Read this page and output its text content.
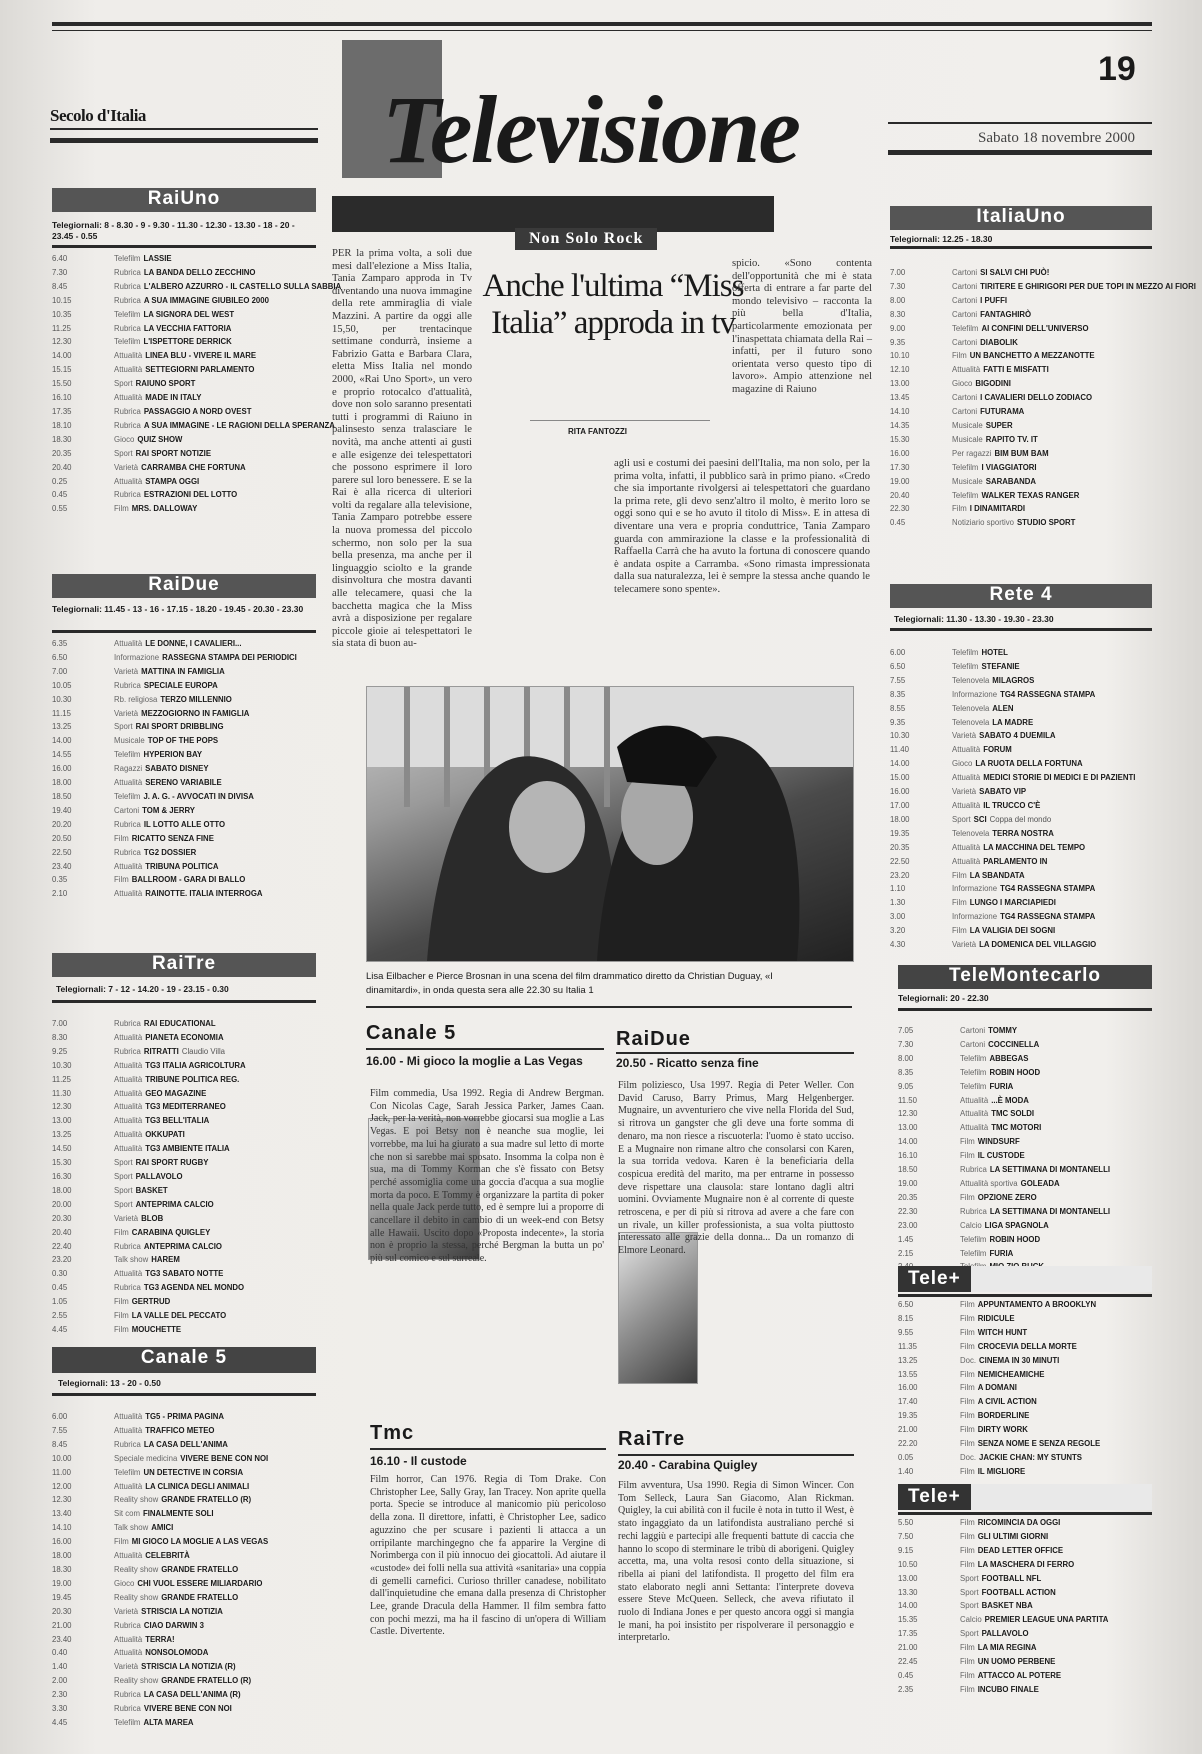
19
Secolo d'Italia Televisione	Sabato 18 novembre 2000
RaiUno
Telegiornali: 8 - 8.30 - 9 - 9.30 - 11.30 - 12.30 - 13.30 - 18 - 20 - 23.45 - 0.55
6.40	Telefilm LASSIE
7.30	Rubrica LA BANDA DELLO ZECCHINO
8.45	Rubrica L'ALBERO AZZURRO - IL CASTELLO SULLA SABBIA
10.15	Rubrica A SUA IMMAGINE GIUBILEO 2000
10.35	Telefilm LA SIGNORA DEL WEST
11.25	Rubrica LA VECCHIA FATTORIA
12.30	Telefilm L'ISPETTORE DERRICK
14.00	Attualità LINEA BLU - VIVERE IL MARE
15.15	Attualità SETTEGIORNI PARLAMENTO
15.50	Sport RAIUNO SPORT
16.10	Attualità MADE IN ITALY
17.35	Rubrica PASSAGGIO A NORD OVEST
18.10	Rubrica A SUA IMMAGINE - LE RAGIONI DELLA SPERANZA
18.30	Gioco QUIZ SHOW
20.35	Sport RAI SPORT NOTIZIE
20.40	Varietà CARRAMBA CHE FORTUNA
0.25	Attualità STAMPA OGGI
0.45	Rubrica ESTRAZIONI DEL LOTTO
0.55	Film MRS. DALLOWAY
RaiDue
Telegiornali: 11.45 - 13 - 16 - 17.15 - 18.20 - 19.45 - 20.30 - 23.30
6.35	Attualità LE DONNE, I CAVALIERI...
6.50	Informazione RASSEGNA STAMPA DEI PERIODICI
7.00	Varietà MATTINA IN FAMIGLIA
10.05	Rubrica SPECIALE EUROPA
10.30	Rb. religiosa TERZO MILLENNIO
11.15	Varietà MEZZOGIORNO IN FAMIGLIA
13.25	Sport RAI SPORT DRIBBLING
14.00	Musicale TOP OF THE POPS
14.55	Telefilm HYPERION BAY
16.00	Ragazzi SABATO DISNEY
18.00	Attualità SERENO VARIABILE
18.50	Telefilm J. A. G. - AVVOCATI IN DIVISA
19.40	Cartoni TOM & JERRY
20.20	Rubrica IL LOTTO ALLE OTTO
20.50	Film RICATTO SENZA FINE
22.50	Rubrica TG2 DOSSIER
23.40	Attualità TRIBUNA POLITICA
0.35	Film BALLROOM - GARA DI BALLO
2.10	Attualità RAINOTTE. ITALIA INTERROGA
RaiTre
Telegiornali: 7 - 12 - 14.20 - 19 - 23.15 - 0.30
7.00	Rubrica RAI EDUCATIONAL
8.30	Attualità PIANETA ECONOMIA
9.25	Rubrica RITRATTI Claudio Villa
10.30	Attualità TG3 ITALIA AGRICOLTURA
11.25	Attualità TRIBUNE POLITICA REG.
11.30	Attualità GEO MAGAZINE
12.30	Attualità TG3 MEDITERRANEO
13.00	Attualità TG3 BELL'ITALIA
13.25	Attualità OKKUPATI
14.50	Attualità TG3 AMBIENTE ITALIA
15.30	Sport RAI SPORT RUGBY
16.30	Sport PALLAVOLO
18.00	Sport BASKET
20.00	Sport ANTEPRIMA CALCIO
20.30	Varietà BLOB
20.40	Film CARABINA QUIGLEY
22.40	Rubrica ANTEPRIMA CALCIO
23.20	Talk show HAREM
0.30	Attualità TG3 SABATO NOTTE
0.45	Rubrica TG3 AGENDA NEL MONDO
1.05	Film GERTRUD
2.55	Film LA VALLE DEL PECCATO
4.45	Film MOUCHETTE
Canale 5
Telegiornali: 13 - 20 - 0.50
6.00	Attualità TG5 - PRIMA PAGINA
7.55	Attualità TRAFFICO METEO
8.45	Rubrica LA CASA DELL'ANIMA
10.00	Speciale medicina VIVERE BENE CON NOI
11.00	Telefilm UN DETECTIVE IN CORSIA
12.00	Attualità LA CLINICA DEGLI ANIMALI
12.30	Reality show GRANDE FRATELLO (R)
13.40	Sit com FINALMENTE SOLI
14.10	Talk show AMICI
16.00	Film MI GIOCO LA MOGLIE A LAS VEGAS
18.00	Attualità CELEBRITÀ
18.30	Reality show GRANDE FRATELLO
19.00	Gioco CHI VUOL ESSERE MILIARDARIO
19.45	Reality show GRANDE FRATELLO
20.30	Varietà STRISCIA LA NOTIZIA
21.00	Rubrica CIAO DARWIN 3
23.40	Attualità TERRA!
0.40	Attualità NONSOLOMODA
1.40	Varietà STRISCIA LA NOTIZIA (R)
2.00	Reality show GRANDE FRATELLO (R)
2.30	Rubrica LA CASA DELL'ANIMA (R)
3.30	Rubrica VIVERE BENE CON NOI
4.45	Telefilm ALTA MAREA
ItaliaUno
Telegiornali: 12.25 - 18.30
7.00	Cartoni SI SALVI CHI PUÒ!
7.30	Cartoni TIRITERE E GHIRIGORI PER DUE TOPI IN MEZZO AI FIORI
8.00	Cartoni I PUFFI
8.30	Cartoni FANTAGHIRÒ
9.00	Telefilm AI CONFINI DELL'UNIVERSO
9.35	Cartoni DIABOLIK
10.10	Film UN BANCHETTO A MEZZANOTTE
12.10	Attualità FATTI E MISFATTI
13.00	Gioco BIGODINI
13.45	Cartoni I CAVALIERI DELLO ZODIACO
14.10	Cartoni FUTURAMA
14.35	Musicale SUPER
15.30	Musicale RAPITO TV. IT
16.00	Per ragazzi BIM BUM BAM
17.30	Telefilm I VIAGGIATORI
19.00	Musicale SARABANDA
20.40	Telefilm WALKER TEXAS RANGER
22.30	Film I DINAMITARDI
0.45	Notiziario sportivo STUDIO SPORT
Rete 4
Telegiornali: 11.30 - 13.30 - 19.30 - 23.30
6.00	Telefilm HOTEL
6.50	Telefilm STEFANIE
7.55	Telenovela MILAGROS
8.35	Informazione TG4 RASSEGNA STAMPA
8.55	Telenovela ALEN
9.35	Telenovela LA MADRE
10.30	Varietà SABATO 4 DUEMILA
11.40	Attualità FORUM
14.00	Gioco LA RUOTA DELLA FORTUNA
15.00	Attualità MEDICI STORIE DI MEDICI E DI PAZIENTI
16.00	Varietà SABATO VIP
17.00	Attualità IL TRUCCO C'È
18.00	Sport SCI Coppa del mondo
19.35	Telenovela TERRA NOSTRA
20.35	Attualità LA MACCHINA DEL TEMPO
22.50	Attualità PARLAMENTO IN
23.20	Film LA SBANDATA
1.10	Informazione TG4 RASSEGNA STAMPA
1.30	Film LUNGO I MARCIAPIEDI
3.00	Informazione TG4 RASSEGNA STAMPA
3.20	Film LA VALIGIA DEI SOGNI
4.30	Varietà LA DOMENICA DEL VILLAGGIO
TeleMontecarlo
Telegiornali: 20 - 22.30
7.05	Cartoni TOMMY
7.30	Cartoni COCCINELLA
8.00	Telefilm ABBEGAS
8.35	Telefilm ROBIN HOOD
9.05	Telefilm FURIA
11.50	Attualità ...È MODA
12.30	Attualità TMC SOLDI
13.00	Attualità TMC MOTORI
14.00	Film WINDSURF
16.10	Film IL CUSTODE
18.50	Rubrica LA SETTIMANA DI MONTANELLI
19.00	Attualità sportiva GOLEADA
20.35	Film OPZIONE ZERO
22.30	Rubrica LA SETTIMANA DI MONTANELLI
23.00	Calcio LIGA SPAGNOLA
1.45	Telefilm ROBIN HOOD
2.15	Telefilm FURIA
Tele+
6.50	Film APPUNTAMENTO A BROOKLYN
8.15	Film RIDICULE
9.55	Film WITCH HUNT
11.35	Film CROCEVIA DELLA MORTE
13.25	Doc. CINEMA IN 30 MINUTI
13.55	Film NEMICHEAMICHE
16.00	Film A DOMANI
17.40	Film A CIVIL ACTION
19.35	Film BORDERLINE
21.00	Film DIRTY WORK
22.20	Film SENZA NOME E SENZA REGOLE
0.05	Doc. JACKIE CHAN: MY STUNTS
1.40	Film IL MIGLIORE
Tele+
5.50	Film RICOMINCIA DA OGGI
7.50	Film GLI ULTIMI GIORNI
9.15	Film DEAD LETTER OFFICE
10.50	Film LA MASCHERA DI FERRO
13.00	Sport FOOTBALL NFL
13.30	Sport FOOTBALL ACTION
14.00	Sport BASKET NBA
15.35	Calcio PREMIER LEAGUE UNA PARTITA
17.35	Sport PALLAVOLO
21.00	Film LA MIA REGINA
22.45	Film UN UOMO PERBENE
0.45	Film ATTACCO AL POTERE
2.35	Film INCUBO FINALE
Non Solo Rock
Anche l'ultima “Miss Italia” approda in tv
RITA FANTOZZI
PER la prima volta, a soli due mesi dall'elezione a Miss Italia, Tania Zamparo approda in Tv diventando una nuova immagine della rete ammiraglia di viale Mazzini. A partire da oggi alle 15,50, per trentacinque settimane condurrà, insieme a Fabrizio Gatta e Barbara Clara, eletta Miss Italia nel mondo 2000, «Rai Uno Sport», un vero e proprio rotocalco d'attualità, dove non solo saranno presentati tutti i programmi di Raiuno in palinsesto senza tralasciare le novità, ma anche attenti ai gusti e alle esigenze dei telespettatori che possono esprimere il loro parere sul loro benessere. E se la Rai è alla ricerca di ulteriori volti da regalare alla televisione, Tania Zamparo potrebbe essere la nuova promessa del piccolo schermo, non solo per la sua bella presenza, ma anche per il linguaggio sciolto e la grande disinvoltura che mostra davanti alle telecamere, quasi che la bacchetta magica che la Miss avrà a disposizione per regalare piccole gioie ai telespettatori le sia stata di buon au-
spicio. «Sono contenta dell'opportunità che mi è stata offerta di entrare a far parte del mondo televisivo – racconta la più bella d'Italia, particolarmente emozionata per l'inaspettata chiamata della Rai – infatti, per il futuro sono orientata verso questo tipo di lavoro». Ampio attenzione nel magazine di Raiuno
agli usi e costumi dei paesini dell'Italia, ma non solo, per la prima volta, infatti, il pubblico sarà in primo piano. «Credo che sia importante rivolgersi ai telespettatori che guardano la prima rete, gli devo senz'altro il molto, è merito loro se oggi sono qui e se ho avuto il titolo di Miss». E in attesa di diventare una vera e propria conduttrice, Tania Zamparo guarda con ammirazione la classe e la professionalità di Raffaella Carrà che ha avuto la fortuna di conoscere quando è andata ospite a Carramba. «Sono rimasta impressionata dalla sua naturalezza, lei è sempre la stessa anche quando le telecamere sono spente».
Lisa Eilbacher e Pierce Brosnan in una scena del film drammatico diretto da Christian Duguay, «I dinamitardi», in onda questa sera alle 22.30 su Italia 1
Canale 5
16.00 - Mi gioco la moglie a Las Vegas
Film commedia, Usa 1992. Regia di Andrew Bergman. Con Nicolas Cage, Sarah Jessica Parker, James Caan. Jack, per la verità, non vorrebbe giocarsi sua moglie a Las Vegas. E poi Betsy non è neanche sua moglie, lei vorrebbe, ma lui ha giurato a sua madre sul letto di morte che non si sarebbe mai sposato. Insomma la colpa non è sua, ma di Tommy Korman che s'è fissato con Betsy perché assomiglia come una goccia d'acqua a sua moglie morta da poco. E Tommy è organizzare la partita di poker nella quale Jack perde tutto, ed è sempre lui a proporre di cancellare il debito in cambio di un week-end con Betsy alle Hawaii. Uscito dopo «Proposta indecente», la storia non è proprio la stessa, perché Bergman la butta un po' più sul comico e sul surreale.
RaiDue
20.50 - Ricatto senza fine
Film poliziesco, Usa 1997. Regia di Peter Weller. Con David Caruso, Barry Primus, Marg Helgenberger. Mugnaire, un avventuriero che vive nella Florida del Sud, si ritrova un gangster che gli deve una forte somma di denaro, ma non riesce a riscuoterla: l'uomo è stato ucciso. E a Mugnaire non rimane altro che consolarsi con Karen, la sua torrida vedova. Karen è la beneficiaria della cospicua eredità del marito, ma per entrarne in possesso deve rispettare una clausola: stare lontano dagli altri uomini. Ovviamente Mugnaire non è al corrente di queste retroscena, e per di più si ritrova ad avere a che fare con un rivale, un killer professionista, a sua volta piuttosto interessato alle grazie della donna... Da un romanzo di Elmore Leonard.
Tmc
16.10 - Il custode
Film horror, Can 1976. Regia di Tom Drake. Con Christopher Lee, Sally Gray, Ian Tracey. Non aprite quella porta. Specie se introduce al manicomio più pericoloso della zona. Il direttore, infatti, è Christopher Lee, sadico aguzzino che per scusare i pazienti li attacca a un orripilante marchingegno che fa apparire la Vergine di Norimberga con il più innocuo dei giocattoli. Ad aiutare il «custode» dei folli nella sua attività «sanitaria» una coppia di gemelli carnefici. Curioso thriller canadese, nobilitato dall'inquietudine che emana dalla presenza di Christopher Lee, grande Dracula della Hammer. Il film sembra fatto con pochi mezzi, ma ha il fascino di un'opera di William Castle. Divertente.
RaiTre
20.40 - Carabina Quigley
Film avventura, Usa 1990. Regia di Simon Wincer. Con Tom Selleck, Laura San Giacomo, Alan Rickman. Quigley, la cui abilità con il fucile è nota in tutto il West, è stato ingaggiato da un latifondista australiano perché si rechi laggiù e partecipi alle frequenti battute di caccia che hanno lo scopo di sterminare le tribù di aborigeni. Quigley accetta, ma, una volta resosi conto della situazione, si ribella ai piani del latifondista. Il progetto del film era stato elaborato negli anni Settanta: l'interprete doveva essere Steve McQueen. Selleck, che aveva rifiutato il ruolo di Indiana Jones e per questo ancora oggi si mangia le mani, ha poi insistito per rispolverare il personaggio e interpretarlo.
